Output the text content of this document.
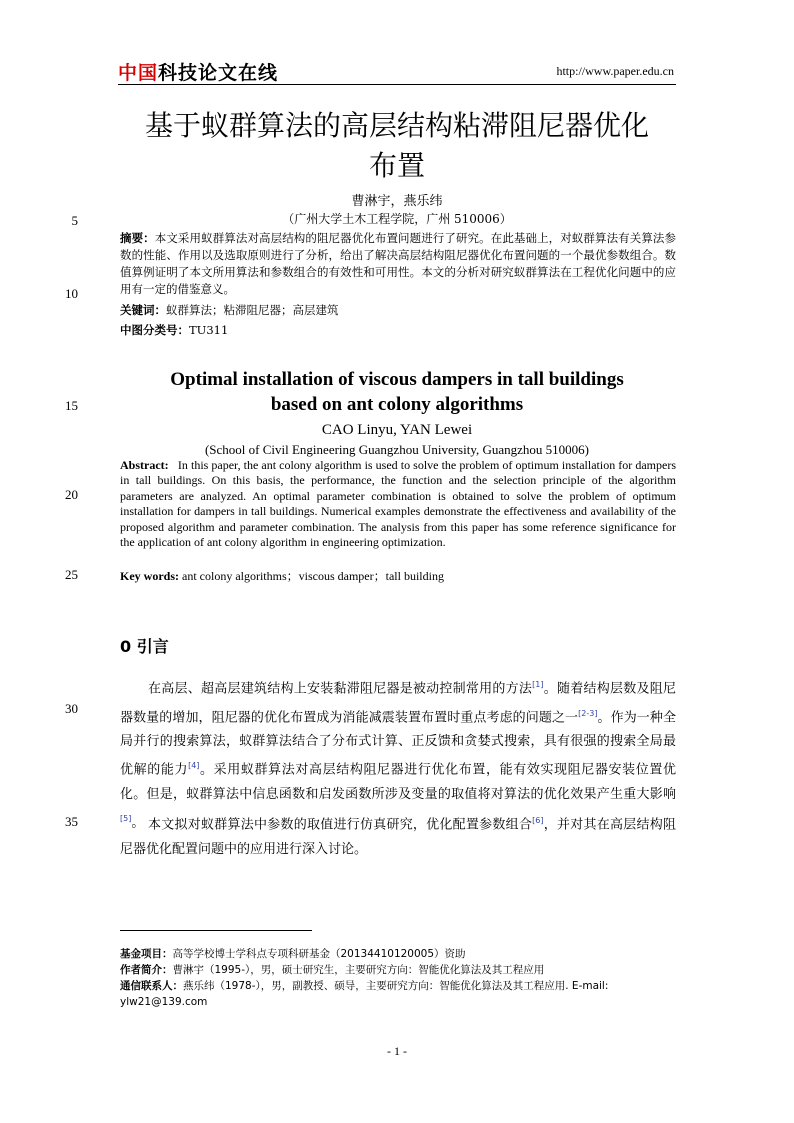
中国科技论文在线	http://www.paper.edu.cn
基于蚁群算法的高层结构粘滞阻尼器优化
布置
曹淋宇，燕乐纬
（广州大学土木工程学院，广州 510006）
5
10
15
20
25
30
35
摘要：本文采用蚁群算法对高层结构的阻尼器优化布置问题进行了研究。在此基础上，对蚁群算法有关算法参数的性能、作用以及选取原则进行了分析，给出了解决高层结构阻尼器优化布置问题的一个最优参数组合。数值算例证明了本文所用算法和参数组合的有效性和可用性。本文的分析对研究蚁群算法在工程优化问题中的应用有一定的借鉴意义。
关键词：蚁群算法；粘滞阻尼器；高层建筑
中图分类号：TU311
Optimal installation of viscous dampers in tall buildings
based on ant colony algorithms
CAO Linyu, YAN Lewei
(School of Civil Engineering Guangzhou University, Guangzhou 510006)
Abstract: In this paper, the ant colony algorithm is used to solve the problem of optimum installation for dampers in tall buildings. On this basis, the performance, the function and the selection principle of the algorithm parameters are analyzed. An optimal parameter combination is obtained to solve the problem of optimum installation for dampers in tall buildings. Numerical examples demonstrate the effectiveness and availability of the proposed algorithm and parameter combination. The analysis from this paper has some reference significance for the application of ant colony algorithm in engineering optimization.
Key words: ant colony algorithms；viscous damper；tall building
0 引言
在高层、超高层建筑结构上安装黏滞阻尼器是被动控制常用的方法[1]。随着结构层数及阻尼器数量的增加，阻尼器的优化布置成为消能减震装置布置时重点考虑的问题之一[2-3]。作为一种全局并行的搜索算法，蚁群算法结合了分布式计算、正反馈和贪婪式搜索，具有很强的搜索全局最优解的能力[4]。采用蚁群算法对高层结构阻尼器进行优化布置，能有效实现阻尼器安装位置优化。但是，蚁群算法中信息函数和启发函数所涉及变量的取值将对算法的优化效果产生重大影响[5]。 本文拟对蚁群算法中参数的取值进行仿真研究，优化配置参数组合[6]，并对其在高层结构阻尼器优化配置问题中的应用进行深入讨论。
基金项目：高等学校博士学科点专项科研基金（20134410120005）资助
作者简介：曹淋宇（1995-），男，硕士研究生，主要研究方向：智能优化算法及其工程应用
通信联系人：燕乐纬（1978-），男，副教授、硕导，主要研究方向：智能优化算法及其工程应用. E-mail: ylw21@139.com
- 1 -
